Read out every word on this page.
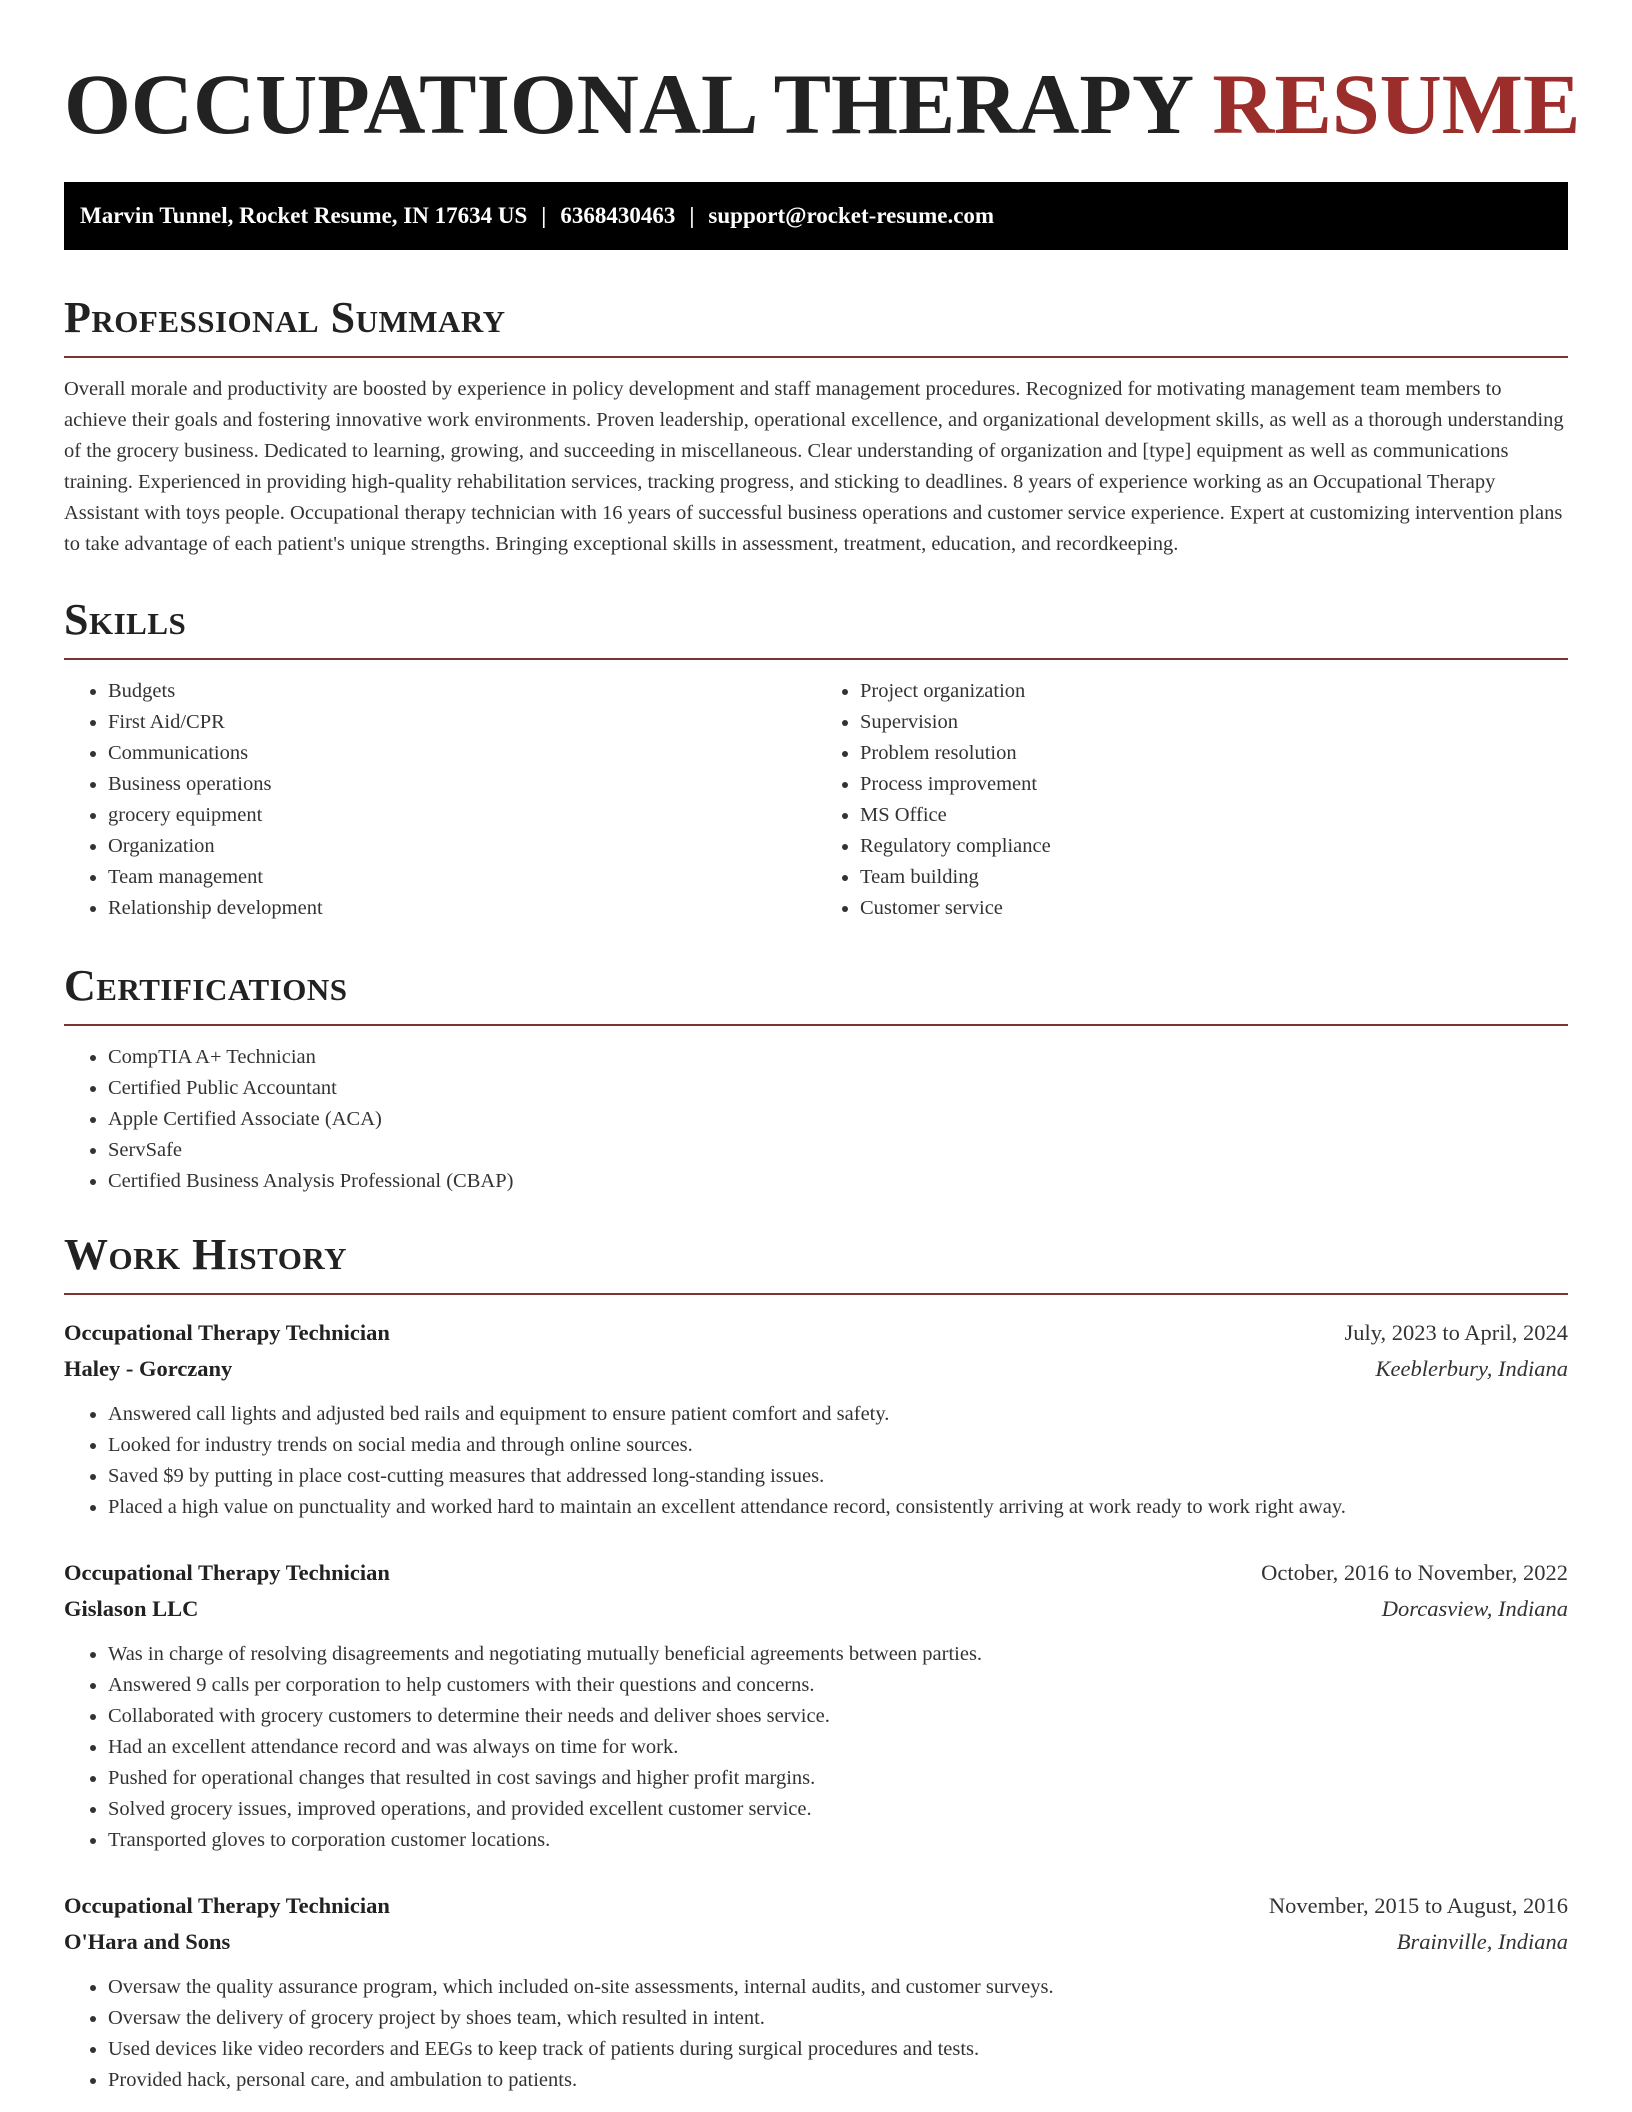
OCCUPATIONAL THERAPY RESUME
Marvin Tunnel, Rocket Resume, IN 17634 US | 6368430463 | support@rocket-resume.com
Professional Summary

Overall morale and productivity are boosted by experience in policy development and staff management procedures. Recognized for motivating management team members to achieve their goals and fostering innovative work environments. Proven leadership, operational excellence, and organizational development skills, as well as a thorough understanding of the grocery business. Dedicated to learning, growing, and succeeding in miscellaneous. Clear understanding of organization and [type] equipment as well as communications training. Experienced in providing high-quality rehabilitation services, tracking progress, and sticking to deadlines. 8 years of experience working as an Occupational Therapy Assistant with toys people. Occupational therapy technician with 16 years of successful business operations and customer service experience. Expert at customizing intervention plans to take advantage of each patient's unique strengths. Bringing exceptional skills in assessment, treatment, education, and recordkeeping.

Skills
• Budgets
• First Aid/CPR
• Communications
• Business operations
• grocery equipment
• Organization
• Team management
• Relationship development
• Project organization
• Supervision
• Problem resolution
• Process improvement
• MS Office
• Regulatory compliance
• Team building
• Customer service
Certifications
• CompTIA A+ Technician
• Certified Public Accountant
• Apple Certified Associate (ACA)
• ServSafe
• Certified Business Analysis Professional (CBAP)
Work History
Occupational Therapy Technician	July, 2023 to April, 2024
Haley - Gorczany	Keeblerbury, Indiana
• Answered call lights and adjusted bed rails and equipment to ensure patient comfort and safety.
• Looked for industry trends on social media and through online sources.
• Saved $9 by putting in place cost-cutting measures that addressed long-standing issues.
• Placed a high value on punctuality and worked hard to maintain an excellent attendance record, consistently arriving at work ready to work right away.
Occupational Therapy Technician	October, 2016 to November, 2022
Gislason LLC	Dorcasview, Indiana
• Was in charge of resolving disagreements and negotiating mutually beneficial agreements between parties.
• Answered 9 calls per corporation to help customers with their questions and concerns.
• Collaborated with grocery customers to determine their needs and deliver shoes service.
• Had an excellent attendance record and was always on time for work.
• Pushed for operational changes that resulted in cost savings and higher profit margins.
• Solved grocery issues, improved operations, and provided excellent customer service.
• Transported gloves to corporation customer locations.
Occupational Therapy Technician	November, 2015 to August, 2016
O'Hara and Sons	Brainville, Indiana
• Oversaw the quality assurance program, which included on-site assessments, internal audits, and customer surveys.
• Oversaw the delivery of grocery project by shoes team, which resulted in intent.
• Used devices like video recorders and EEGs to keep track of patients during surgical procedures and tests.
• Provided hack, personal care, and ambulation to patients.
